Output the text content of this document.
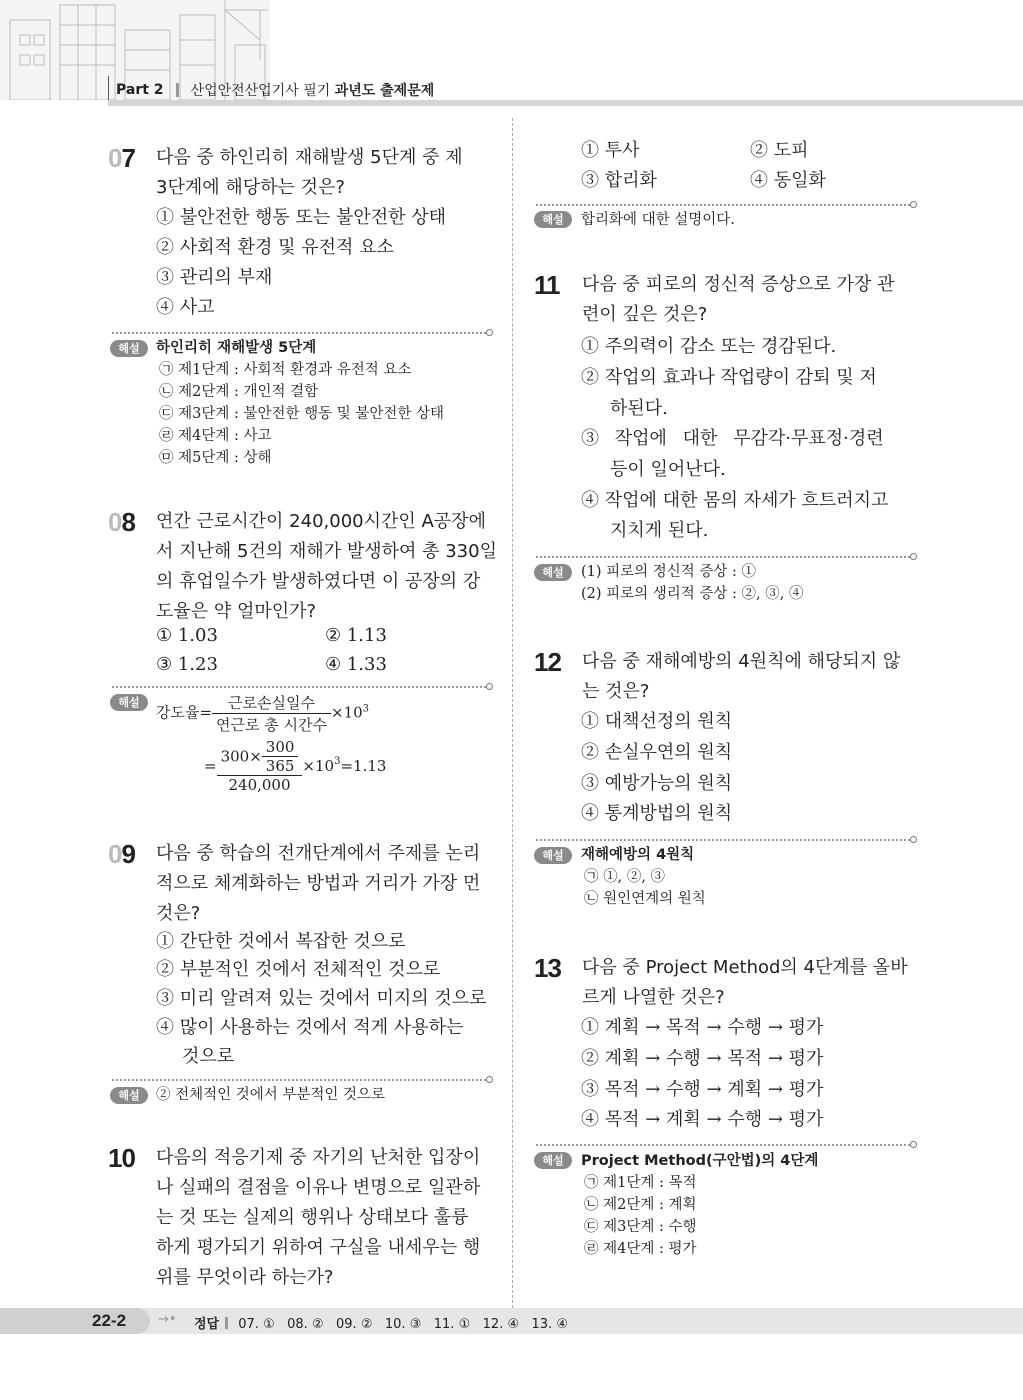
Part 2 산업안전산업기사 필기 과년도 출제문제
07 다음 중 하인리히 재해발생 5단계 중 제
3단계에 해당하는 것은?
① 불안전한 행동 또는 불안전한 상태
② 사회적 환경 및 유전적 요소
③ 관리의 부재
④ 사고
해설	하인리히 재해발생 5단계
㉠ 제1단계 : 사회적 환경과 유전적 요소
㉡ 제2단계 : 개인적 결함
㉢ 제3단계 : 불안전한 행동 및 불안전한 상태
㉣ 제4단계 : 사고
㉤ 제5단계 : 상해
08 연간 근로시간이 240,000시간인 A공장에
서 지난해 5건의 재해가 발생하여 총 330일
의 휴업일수가 발생하였다면 이 공장의 강
도율은 약 얼마인가?
① 1.03	② 1.13
③ 1.23	④ 1.33
해설
강도율= $\frac{\text{근로손실일수}}{\text{연근로 총 시간수}} \times 10^3$
= $\frac{300\times \frac{300}{365}}{240,000} \times 10^3=1.13$
09 다음 중 학습의 전개단계에서 주제를 논리
적으로 체계화하는 방법과 거리가 가장 먼
것은?
① 간단한 것에서 복잡한 것으로
② 부분적인 것에서 전체적인 것으로
③ 미리 알려져 있는 것에서 미지의 것으로
④ 많이 사용하는 것에서 적게 사용하는
것으로
해설	② 전체적인 것에서 부분적인 것으로
10 다음의 적응기제 중 자기의 난처한 입장이
나 실패의 결점을 이유나 변명으로 일관하
는 것 또는 실제의 행위나 상태보다 훌륭
하게 평가되기 위하여 구실을 내세우는 행
위를 무엇이라 하는가?
① 투사	② 도피
③ 합리화	④ 동일화
해설	합리화에 대한 설명이다.
11 다음 중 피로의 정신적 증상으로 가장 관
련이 깊은 것은?
① 주의력이 감소 또는 경감된다.
② 작업의 효과나 작업량이 감퇴 및 저
하된다.
③ 작업에 대한 무감각·무표정·경련
등이 일어난다.
④ 작업에 대한 몸의 자세가 흐트러지고
지치게 된다.
해설	(1) 피로의 정신적 증상 : ①
(2) 피로의 생리적 증상 : ②, ③, ④
12 다음 중 재해예방의 4원칙에 해당되지 않
는 것은?
① 대책선정의 원칙
② 손실우연의 원칙
③ 예방가능의 원칙
④ 통계방법의 원칙
해설	재해예방의 4원칙
㉠ ①, ②, ③
㉡ 원인연계의 원칙
13 다음 중 Project Method의 4단계를 올바
르게 나열한 것은?
① 계획 → 목적 → 수행 → 평가
② 계획 → 수행 → 목적 → 평가
③ 목적 → 수행 → 계획 → 평가
④ 목적 → 계획 → 수행 → 평가
해설	Project Method(구안법)의 4단계
㉠ 제1단계 : 목적
㉡ 제2단계 : 계획
㉢ 제3단계 : 수행
㉣ 제4단계 : 평가
22-2 →• 정답 07. ① 08. ② 09. ② 10. ③ 11. ① 12. ④ 13. ④
